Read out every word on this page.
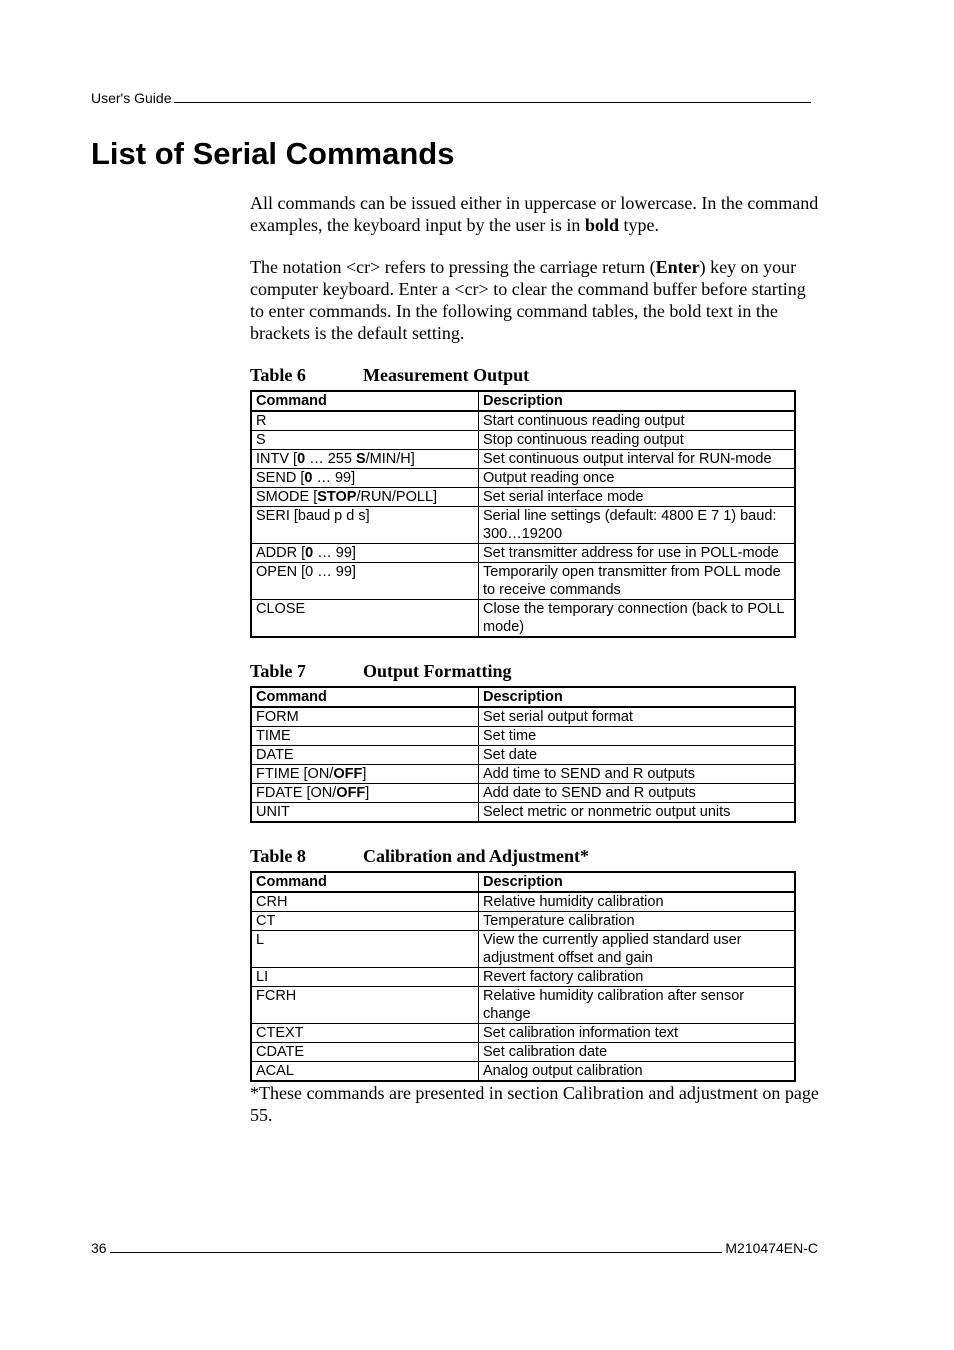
User's Guide
List of Serial Commands

All commands can be issued either in uppercase or lowercase. In the command examples, the keyboard input by the user is in bold type.

The notation <cr> refers to pressing the carriage return (Enter) key on your computer keyboard. Enter a <cr> to clear the command buffer before starting to enter commands. In the following command tables, the bold text in the brackets is the default setting.

Table 6	Measurement Output
Command	Description
R	Start continuous reading output
S	Stop continuous reading output
INTV [0 … 255 S/MIN/H]	Set continuous output interval for RUN-mode
SEND [0 … 99]	Output reading once
SMODE [STOP/RUN/POLL]	Set serial interface mode
SERI [baud p d s]	Serial line settings (default: 4800 E 7 1) baud: 300…19200
ADDR [0 … 99]	Set transmitter address for use in POLL-mode
OPEN [0 … 99]	Temporarily open transmitter from POLL mode to receive commands
CLOSE	Close the temporary connection (back to POLL mode)
Table 7	Output Formatting
Command	Description
FORM	Set serial output format
TIME	Set time
DATE	Set date
FTIME [ON/OFF]	Add time to SEND and R outputs
FDATE [ON/OFF]	Add date to SEND and R outputs
UNIT	Select metric or nonmetric output units
Table 8	Calibration and Adjustment*
Command	Description
CRH	Relative humidity calibration
CT	Temperature calibration
L	View the currently applied standard user adjustment offset and gain
LI	Revert factory calibration
FCRH	Relative humidity calibration after sensor change
CTEXT	Set calibration information text
CDATE	Set calibration date
ACAL	Analog output calibration
*These commands are presented in section Calibration and adjustment on page 55.
36	M210474EN-C
